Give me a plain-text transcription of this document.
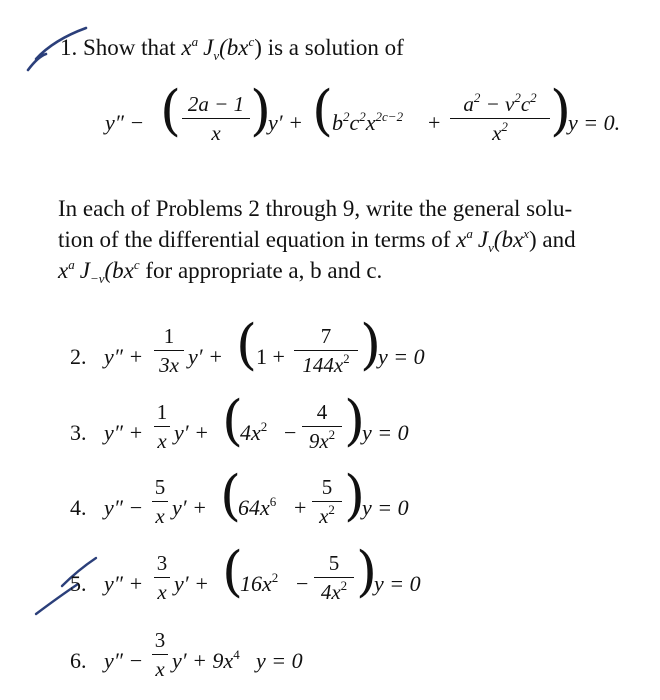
1. Show that $x^a$ $J_\nu(bx^c)$ is a solution of
y″ − ( 2a − 1
x )
y′ + (
$b^2c^2x^{2c-2}$ +
$a^2 - \nu^2c^2$
$x^2$ )
y = 0.
In each of Problems 2 through 9, write the general solu-
tion of the differential equation in terms of $x^a$ $J_\nu(bx^x)$ and
$x^a$ $J_{-\nu}(bx^c$ for appropriate a, b and c.
2. y″ +
1
3x y′ + (
1 +
7
$144x^2$ )
y = 0
3. y″ +
1
x y′ + (
$4x^2$ −
4
$9x^2$ )
y = 0
4. y″ −
5
x y′ + (
$64x^6$ +
5
$x^2$ )
y = 0
5. y″ +
3
x y′ + (
$16x^2$ −
5
$4x^2$ )
y = 0
6. y″ −
3
x $y' + 9x^4$ y = 0
